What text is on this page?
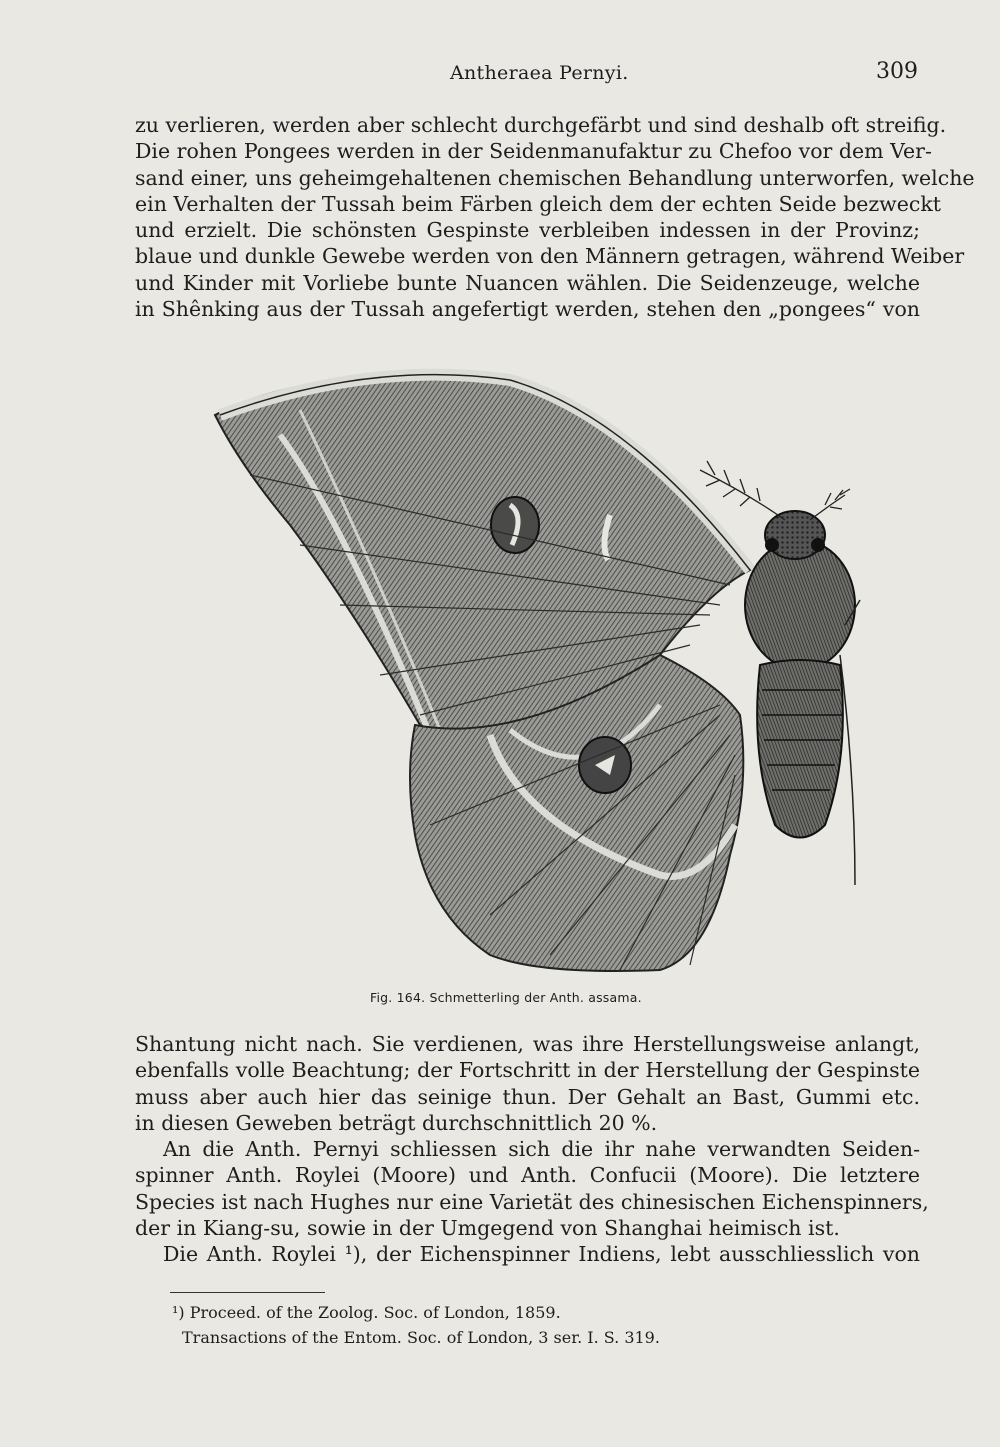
Antheraea Pernyi.	309

zu verlieren, werden aber schlecht durchgefärbt und sind deshalb oft streifig.
Die rohen Pongees werden in der Seidenmanufaktur zu Chefoo vor dem Ver-
sand einer, uns geheimgehaltenen chemischen Behandlung unterworfen, welche
ein Verhalten der Tussah beim Färben gleich dem der echten Seide bezweckt
und erzielt. Die schönsten Gespinste verbleiben indessen in der Provinz;
blaue und dunkle Gewebe werden von den Männern getragen, während Weiber
und Kinder mit Vorliebe bunte Nuancen wählen. Die Seidenzeuge, welche
in Shênking aus der Tussah angefertigt werden, stehen den „pongees“ von

Fig. 164. Schmetterling der Anth. assama.

Shantung nicht nach. Sie verdienen, was ihre Herstellungsweise anlangt,
ebenfalls volle Beachtung; der Fortschritt in der Herstellung der Gespinste
muss aber auch hier das seinige thun. Der Gehalt an Bast, Gummi etc.
in diesen Geweben beträgt durchschnittlich 20 %.

An die Anth. Pernyi schliessen sich die ihr nahe verwandten Seiden-
spinner Anth. Roylei (Moore) und Anth. Confucii (Moore). Die letztere
Species ist nach Hughes nur eine Varietät des chinesischen Eichenspinners,
der in Kiang-su, sowie in der Umgegend von Shanghai heimisch ist.

Die Anth. Roylei ¹), der Eichenspinner Indiens, lebt ausschliesslich von

¹) Proceed. of the Zoolog. Soc. of London, 1859.
Transactions of the Entom. Soc. of London, 3 ser. I. S. 319.
